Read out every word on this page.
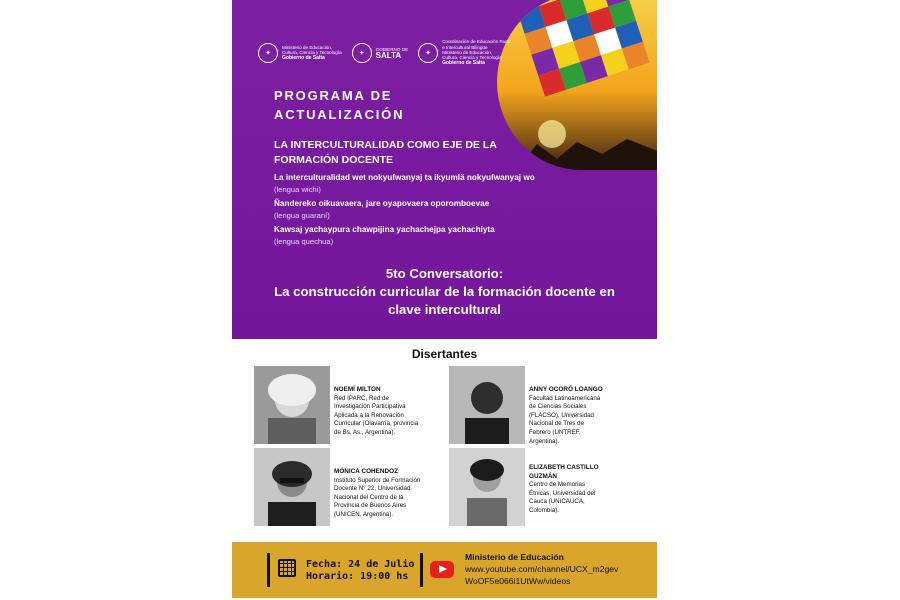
✦
Ministerio de Educación,
Cultura, Ciencia y Tecnología
Gobierno de Salta
✦
GOBIERNO DE
SALTA	✦
Coordinación de Educación Rural
e Intercultural Bilingüe
Ministerio de Educación,
Cultura, Ciencia y Tecnología
Gobierno de Salta
PROGRAMA DE
ACTUALIZACIÓN
LA INTERCULTURALIDAD COMO EJE DE LA
FORMACIÓN DOCENTE
La interculturalidad wet nokyufwanyaj ta ikyumlä nokyufwanyaj wo
(lengua wichi)
Ñandereko oikuavaera, jare oyapovaera oporomboevae
(lengua guaraní)
Kawsaj yachaypura chawpijina yachachejpa yachachiyta
(lengua quechua)
5to Conversatorio:
La construcción curricular de la formación docente en
clave intercultural
Disertantes
NOEMÍ MILTON
Red IPARC, Red de
Investigación Participativa
Aplicada a la Renovación
Curricular (Olavarría, provincia
de Bs. As., Argentina).
ANNY OCORÓ LOANGO
Facultad Latinoamericana
de Ciencias Sociales
(FLACSO), Universidad
Nacional de Tres de
Febrero (UNTREF,
Argentina).
MÓNICA COHENDOZ
Instituto Superior de Formación
Docente N° 22, Universidad
Nacional del Centro de la
Provincia de Buenos Aires
(UNICEN, Argentina).
ELIZABETH CASTILLO
GUZMÁN
Centro de Memorias
Étnicas, Universidad del
Cauca (UNICAUCA,
Colombia).
Fecha: 24 de Julio
Horario: 19:00 hs
Ministerio de Educación
www.youtube.com/channel/UCX_m2gev
WoOF5e066i1UtWw/videos
